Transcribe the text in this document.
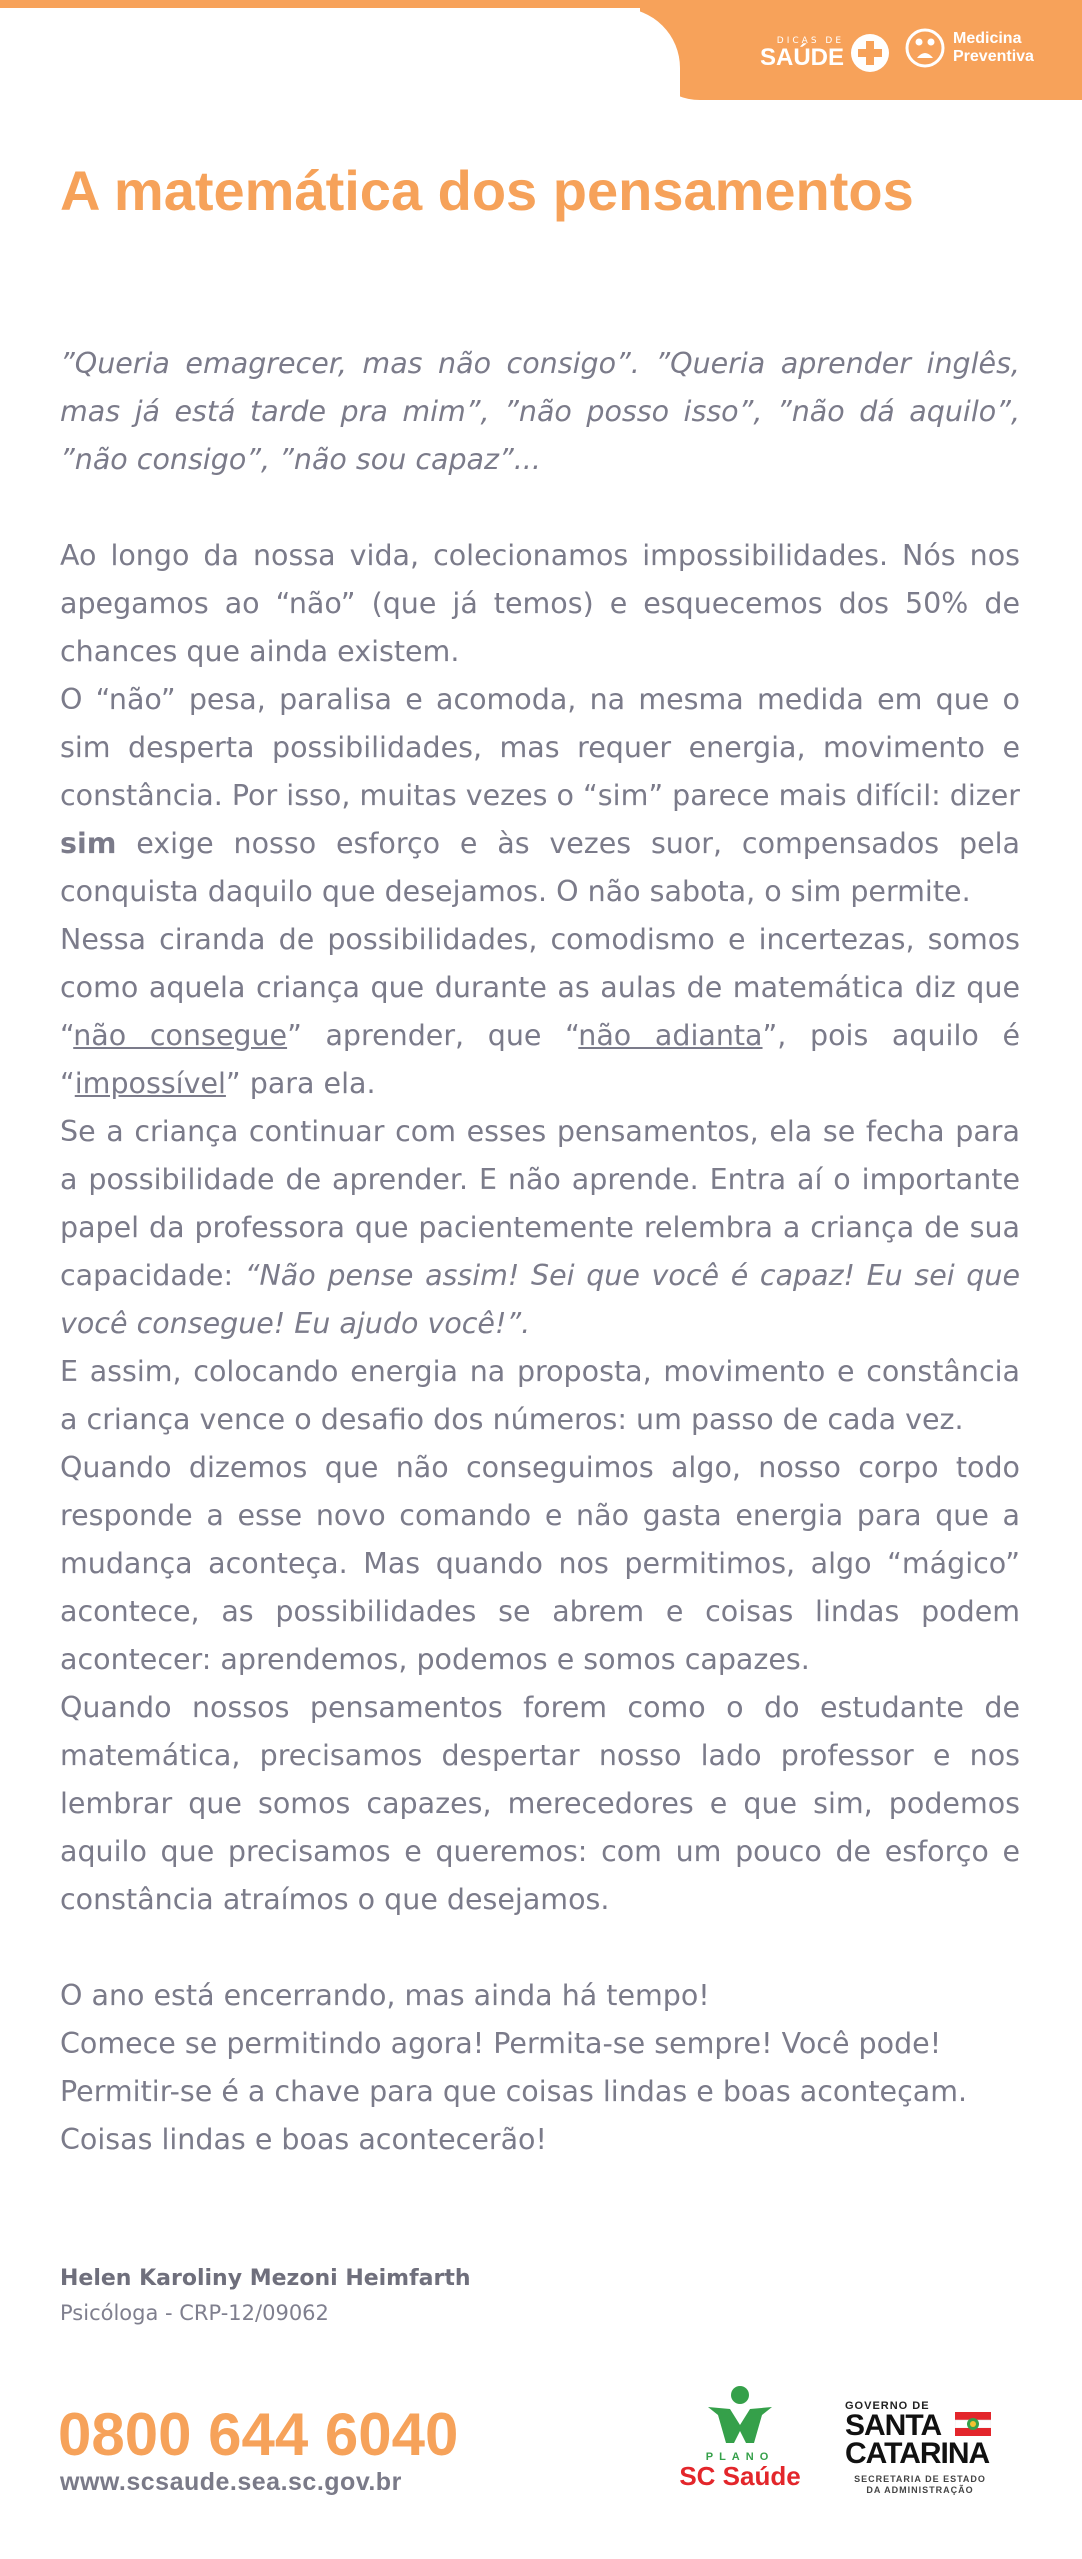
DICAS DE
SAÚDE
Medicina
Preventiva
A matemática dos pensamentos

”Queria emagrecer, mas não consigo”. ”Queria aprender inglês, mas já está tarde pra mim”, ”não posso isso”, ”não dá aquilo”, ”não consigo”, ”não sou capaz”...

Ao longo da nossa vida, colecionamos impossibilidades. Nós nos apegamos ao “não” (que já temos) e esquecemos dos 50% de chances que ainda existem.

O “não” pesa, paralisa e acomoda, na mesma medida em que o sim desperta possibilidades, mas requer energia, movimento e constância. Por isso, muitas vezes o “sim” parece mais difícil: dizer sim exige nosso esforço e às vezes suor, compensados pela conquista daquilo que desejamos. O não sabota, o sim permite.

Nessa ciranda de possibilidades, comodismo e incertezas, somos como aquela criança que durante as aulas de matemática diz que “não consegue” aprender, que “não adianta”, pois aquilo é “impossível” para ela.

Se a criança continuar com esses pensamentos, ela se fecha para a possibilidade de aprender. E não aprende. Entra aí o importante papel da professora que pacientemente relembra a criança de sua capacidade: “Não pense assim! Sei que você é capaz! Eu sei que você consegue! Eu ajudo você!”.

E assim, colocando energia na proposta, movimento e constância a criança vence o desafio dos números: um passo de cada vez.

Quando dizemos que não conseguimos algo, nosso corpo todo responde a esse novo comando e não gasta energia para que a mudança aconteça. Mas quando nos permitimos, algo “mágico” acontece, as possibilidades se abrem e coisas lindas podem acontecer: aprendemos, podemos e somos capazes.

Quando nossos pensamentos forem como o do estudante de matemática, precisamos despertar nosso lado professor e nos lembrar que somos capazes, merecedores e que sim, podemos aquilo que precisamos e queremos: com um pouco de esforço e constância atraímos o que desejamos.

O ano está encerrando, mas ainda há tempo!

Comece se permitindo agora! Permita-se sempre! Você pode!

Permitir-se é a chave para que coisas lindas e boas aconteçam.

Coisas lindas e boas acontecerão!

Helen Karoliny Mezoni Heimfarth
Psicóloga - CRP-12/09062
0800 644 6040
www.scsaude.sea.sc.gov.br
PLANO
SC Saúde
GOVERNO DE
SANTA
CATARINA
SECRETARIA DE ESTADO
DA ADMINISTRAÇÃO
